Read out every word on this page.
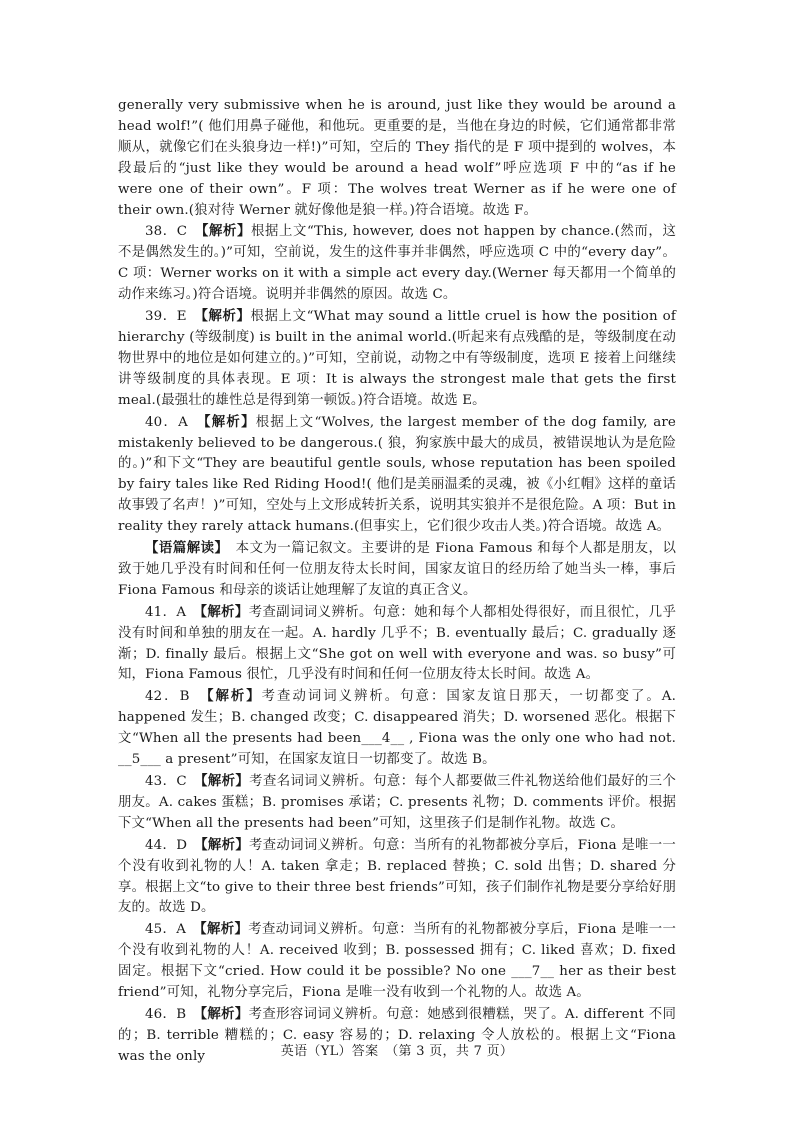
generally very submissive when he is around, just like they would be around a head wolf!”( 他们用鼻子碰他，和他玩。更重要的是，当他在身边的时候，它们通常都非常顺从，就像它们在头狼身边一样!)”可知，空后的 They 指代的是 F 项中提到的 wolves，本段最后的“just like they would be around a head wolf”呼应选项 F 中的“as if he were one of their own”。F 项：The wolves treat Werner as if he were one of their own.(狼对待 Werner 就好像他是狼一样。)符合语境。故选 F。

38．C　【解析】根据上文“This, however, does not happen by chance.(然而，这不是偶然发生的。)”可知，空前说，发生的这件事并非偶然，呼应选项 C 中的“every day”。C 项：Werner works on it with a simple act every day.(Werner 每天都用一个简单的动作来练习。)符合语境。说明并非偶然的原因。故选 C。

39．E　【解析】根据上文“What may sound a little cruel is how the position of hierarchy (等级制度) is built in the animal world.(听起来有点残酷的是，等级制度在动物世界中的地位是如何建立的。)”可知，空前说，动物之中有等级制度，选项 E 接着上问继续讲等级制度的具体表现。E 项：It is always the strongest male that gets the first meal.(最强壮的雄性总是得到第一顿饭。)符合语境。故选 E。

40．A　【解析】根据上文“Wolves, the largest member of the dog family, are mistakenly believed to be dangerous.( 狼，狗家族中最大的成员，被错误地认为是危险的。)”和下文“They are beautiful gentle souls, whose reputation has been spoiled by fairy tales like Red Riding Hood!( 他们是美丽温柔的灵魂，被《小红帽》这样的童话故事毁了名声！)”可知，空处与上文形成转折关系，说明其实狼并不是很危险。A 项：But in reality they rarely attack humans.(但事实上，它们很少攻击人类。)符合语境。故选 A。

【语篇解读】　本文为一篇记叙文。主要讲的是 Fiona Famous 和每个人都是朋友，以致于她几乎没有时间和任何一位朋友待太长时间，国家友谊日的经历给了她当头一棒，事后 Fiona Famous 和母亲的谈话让她理解了友谊的真正含义。

41．A　【解析】考查副词词义辨析。句意：她和每个人都相处得很好，而且很忙，几乎没有时间和单独的朋友在一起。A. hardly 几乎不；B. eventually 最后；C. gradually 逐渐；D. finally 最后。根据上文“She got on well with everyone and was. so busy”可知，Fiona Famous 很忙，几乎没有时间和任何一位朋友待太长时间。故选 A。

42．B　【解析】考查动词词义辨析。句意：国家友谊日那天，一切都变了。A. happened 发生；B. changed 改变；C. disappeared 消失；D. worsened 恶化。根据下文“When all the presents had been___4__ , Fiona was the only one who had not. __5___ a present”可知，在国家友谊日一切都变了。故选 B。

43．C　【解析】考查名词词义辨析。句意：每个人都要做三件礼物送给他们最好的三个朋友。A. cakes 蛋糕；B. promises 承诺；C. presents 礼物；D. comments 评价。根据下文“When all the presents had been”可知，这里孩子们是制作礼物。故选 C。

44．D　【解析】考查动词词义辨析。句意：当所有的礼物都被分享后，Fiona 是唯一一个没有收到礼物的人！A. taken 拿走；B. replaced 替换；C. sold 出售；D. shared 分享。根据上文“to give to their three best friends”可知，孩子们制作礼物是要分享给好朋友的。故选 D。

45．A　【解析】考查动词词义辨析。句意：当所有的礼物都被分享后，Fiona 是唯一一个没有收到礼物的人！A. received 收到；B. possessed 拥有；C. liked 喜欢；D. fixed 固定。根据下文“cried. How could it be possible? No one ___7__ her as their best friend”可知，礼物分享完后，Fiona 是唯一没有收到一个礼物的人。故选 A。

46．B　【解析】考查形容词词义辨析。句意：她感到很糟糕，哭了。A. different 不同的；B. terrible 糟糕的；C. easy 容易的；D. relaxing 令人放松的。根据上文“Fiona was the only	英语（YL）答案　（第 3 页，共 7 页）
